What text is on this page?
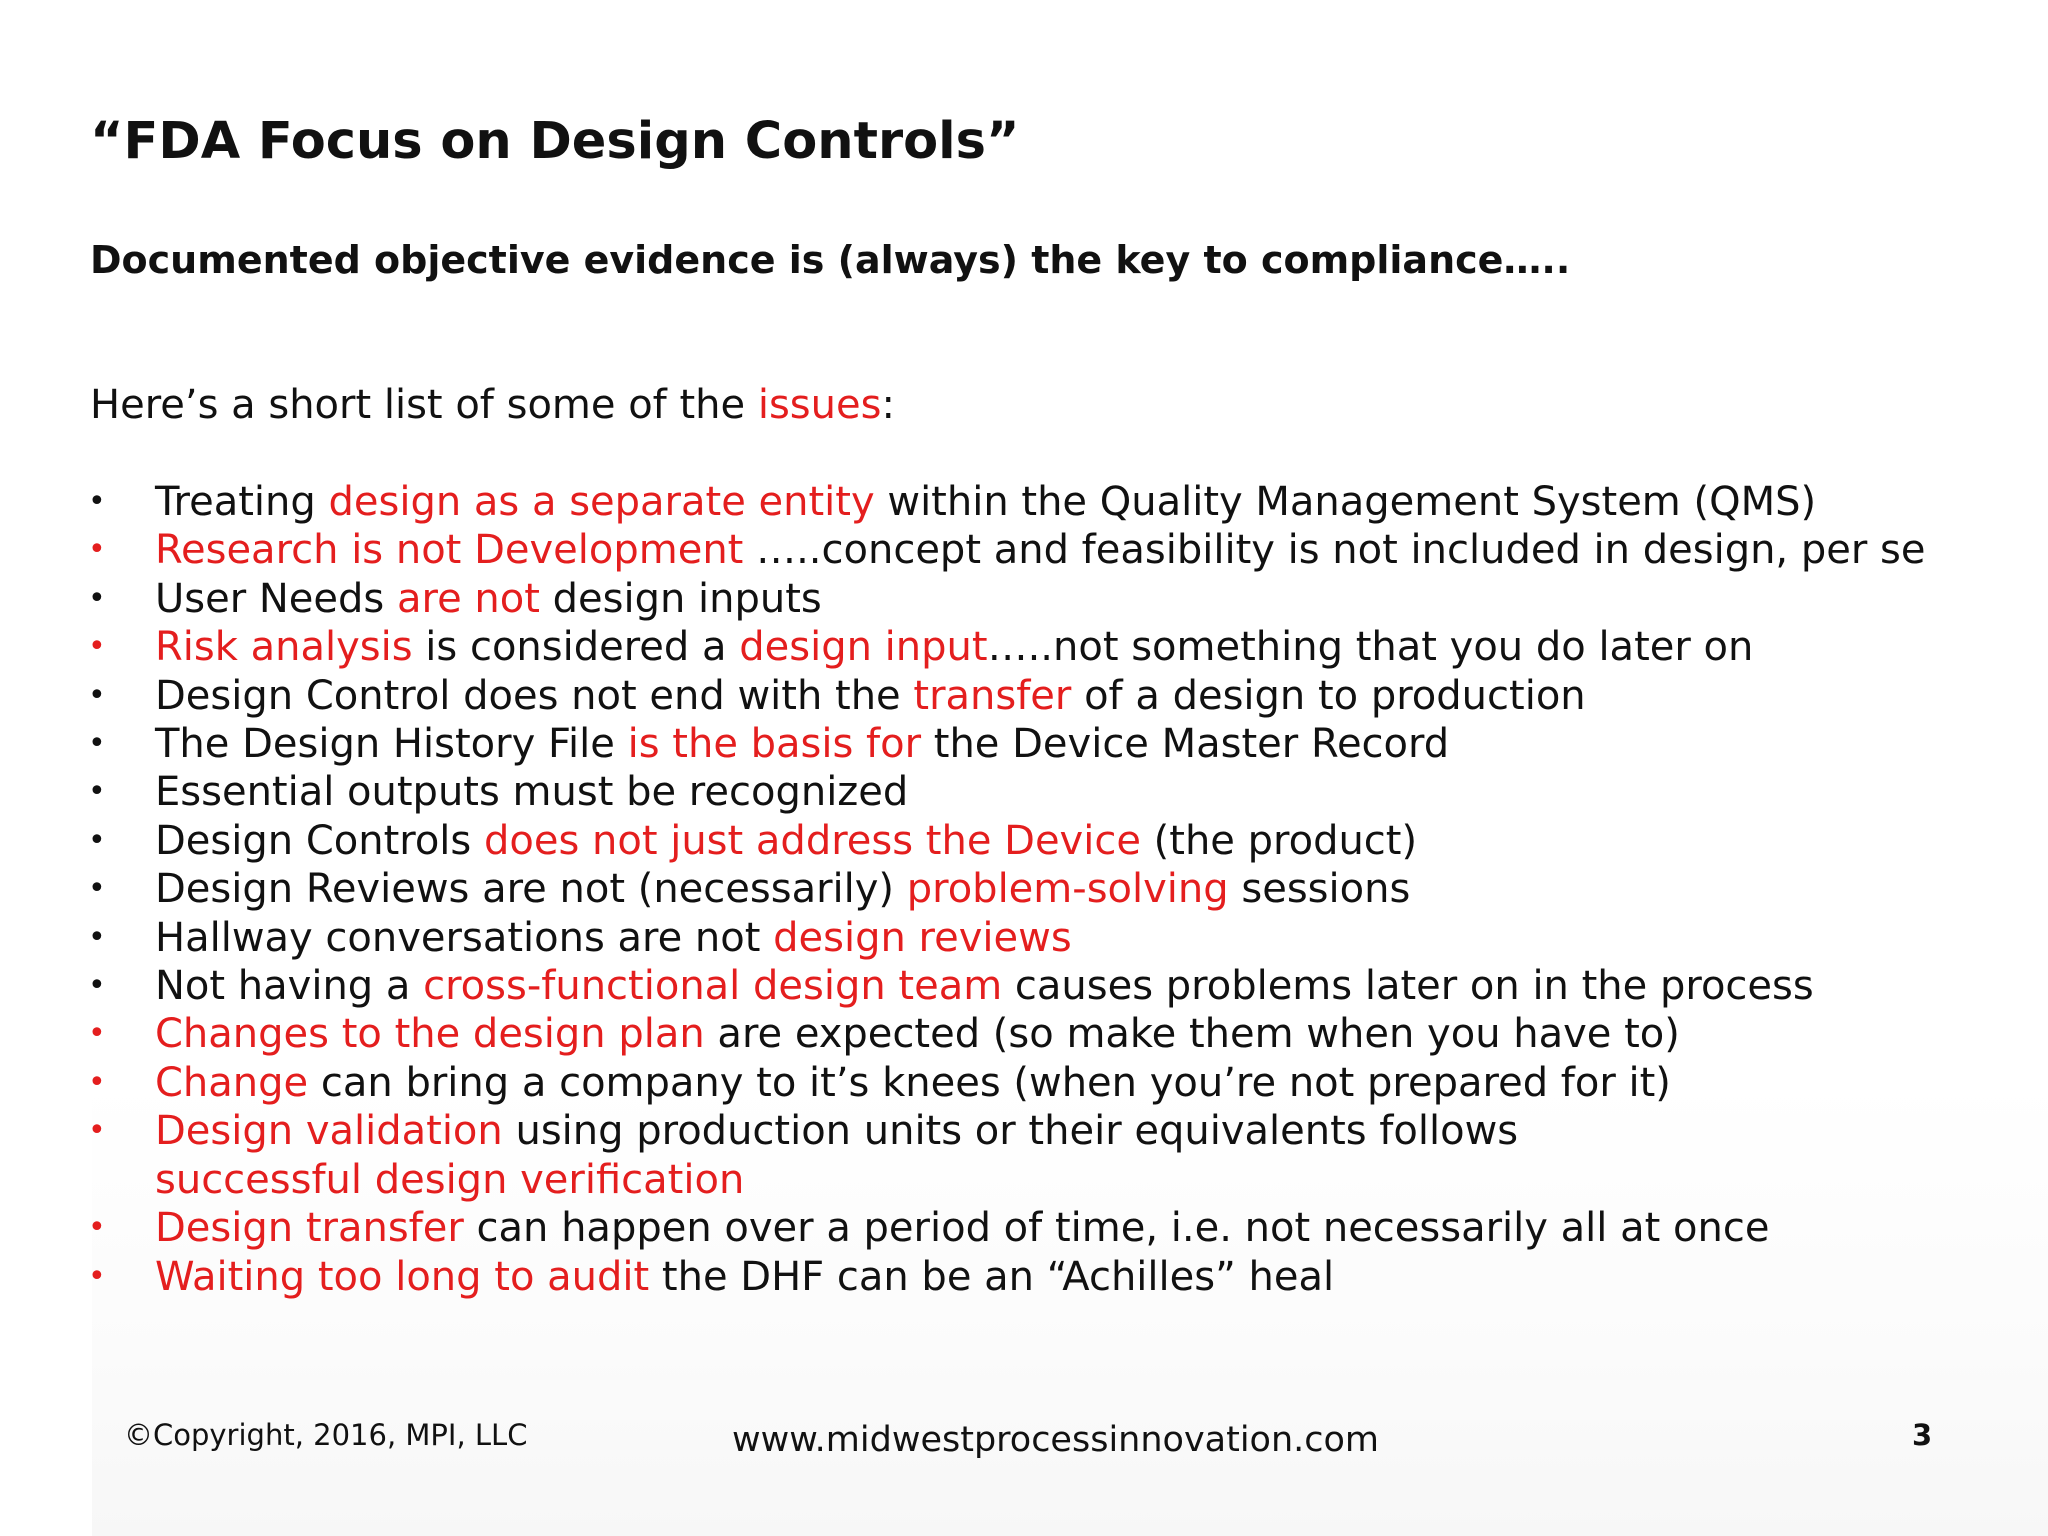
“FDA Focus on Design Controls”
Documented objective evidence is (always) the key to compliance…..
Here’s a short list of some of the issues:
• Treating design as a separate entity within the Quality Management System (QMS)
• Research is not Development …..concept and feasibility is not included in design, per se
• User Needs are not design inputs
• Risk analysis is considered a design input…..not something that you do later on
• Design Control does not end with the transfer of a design to production
• The Design History File is the basis for the Device Master Record
• Essential outputs must be recognized
• Design Controls does not just address the Device (the product)
• Design Reviews are not (necessarily) problem-solving sessions
• Hallway conversations are not design reviews
• Not having a cross-functional design team causes problems later on in the process
• Changes to the design plan are expected (so make them when you have to)
• Change can bring a company to it’s knees (when you’re not prepared for it)
• Design validation using production units or their equivalents follows
successful design verification
• Design transfer can happen over a period of time, i.e. not necessarily all at once
• Waiting too long to audit the DHF can be an “Achilles” heal
©Copyright, 2016, MPI, LLC	www.midwestprocessinnovation.com	3
